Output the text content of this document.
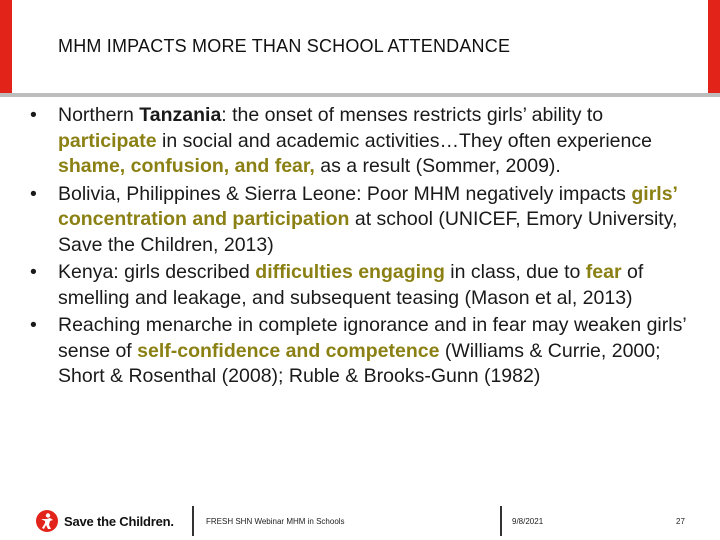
MHM IMPACTS MORE THAN SCHOOL ATTENDANCE
•	Northern Tanzania: the onset of menses restricts girls’ ability to participate in social and academic activities…They often experience shame, confusion, and fear, as a result (Sommer, 2009).
•	Bolivia, Philippines & Sierra Leone: Poor MHM negatively impacts girls’ concentration and participation at school (UNICEF, Emory University, Save the Children, 2013)
•	Kenya: girls described difficulties engaging in class, due to fear of smelling and leakage, and subsequent teasing (Mason et al, 2013)
•	Reaching menarche in complete ignorance and in fear may weaken girls’ sense of self-confidence and competence (Williams & Currie, 2000; Short & Rosenthal (2008); Ruble & Brooks-Gunn (1982)
Save the Children.	FRESH SHN Webinar MHM in Schools	9/8/2021	27
